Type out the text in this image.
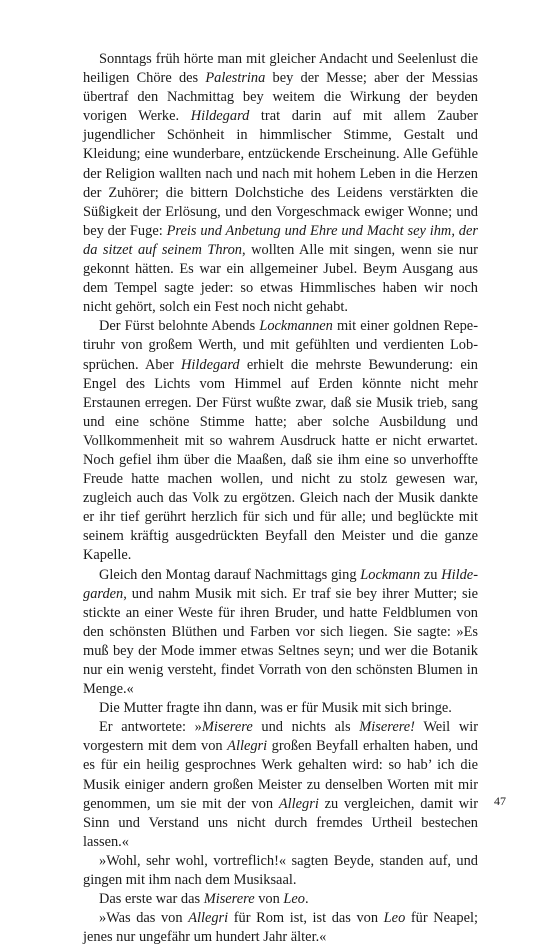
Sonntags früh hörte man mit gleicher Andacht und Seelenlust die heiligen Chöre des Palestrina bey der Messe; aber der Messias übertraf den Nachmittag bey weitem die Wirkung der beyden vorigen Werke. Hildegard trat darin auf mit allem Zauber jugendlicher Schönheit in himmlischer Stimme, Gestalt und Kleidung; eine wunderbare, entzückende Erscheinung. Alle Gefühle der Religion wallten nach und nach mit hohem Leben in die Herzen der Zuhörer; die bittern Dolchstiche des Leidens verstärkten die Süßigkeit der Erlösung, und den Vorgeschmack ewiger Wonne; und bey der Fuge: Preis und Anbetung und Ehre und Macht sey ihm, der da sitzet auf seinem Thron, wollten Alle mit singen, wenn sie nur gekonnt hätten. Es war ein allgemeiner Jubel. Beym Ausgang aus dem Tempel sagte jeder: so etwas Himmlisches haben wir noch nicht gehört, solch ein Fest noch nicht gehabt.

Der Fürst belohnte Abends Lockmannen mit einer goldnen Repetiruhr von großem Werth, und mit gefühlten und verdienten Lobsprüchen. Aber Hildegard erhielt die mehrste Bewunderung: ein Engel des Lichts vom Himmel auf Erden könnte nicht mehr Erstaunen erregen. Der Fürst wußte zwar, daß sie Musik trieb, sang und eine schöne Stimme hatte; aber solche Ausbildung und Vollkommenheit mit so wahrem Ausdruck hatte er nicht erwartet. Noch gefiel ihm über die Maaßen, daß sie ihm eine so unverhoffte Freude hatte machen wollen, und nicht zu stolz gewesen war, zugleich auch das Volk zu ergötzen. Gleich nach der Musik dankte er ihr tief gerührt herzlich für sich und für alle; und beglückte mit seinem kräftig ausgedrückten Beyfall den Meister und die ganze Kapelle.

Gleich den Montag darauf Nachmittags ging Lockmann zu Hildegarden, und nahm Musik mit sich. Er traf sie bey ihrer Mutter; sie stickte an einer Weste für ihren Bruder, und hatte Feldblumen von den schönsten Blüthen und Farben vor sich liegen. Sie sagte: »Es muß bey der Mode immer etwas Seltnes seyn; und wer die Botanik nur ein wenig versteht, findet Vorrath von den schönsten Blumen in Menge.«

Die Mutter fragte ihn dann, was er für Musik mit sich bringe.

Er antwortete: »Miserere und nichts als Miserere! Weil wir vorgestern mit dem von Allegri großen Beyfall erhalten haben, und es für ein heilig gesprochnes Werk gehalten wird: so hab’ ich die Musik einiger andern großen Meister zu denselben Worten mit mir genommen, um sie mit der von Allegri zu vergleichen, damit wir Sinn und Verstand uns nicht durch fremdes Urtheil bestechen lassen.«

»Wohl, sehr wohl, vortreflich!« sagten Beyde, standen auf, und gingen mit ihm nach dem Musiksaal.

Das erste war das Miserere von Leo.

»Was das von Allegri für Rom ist, ist das von Leo für Neapel; jenes nur ungefähr um hundert Jahr älter.«

47
